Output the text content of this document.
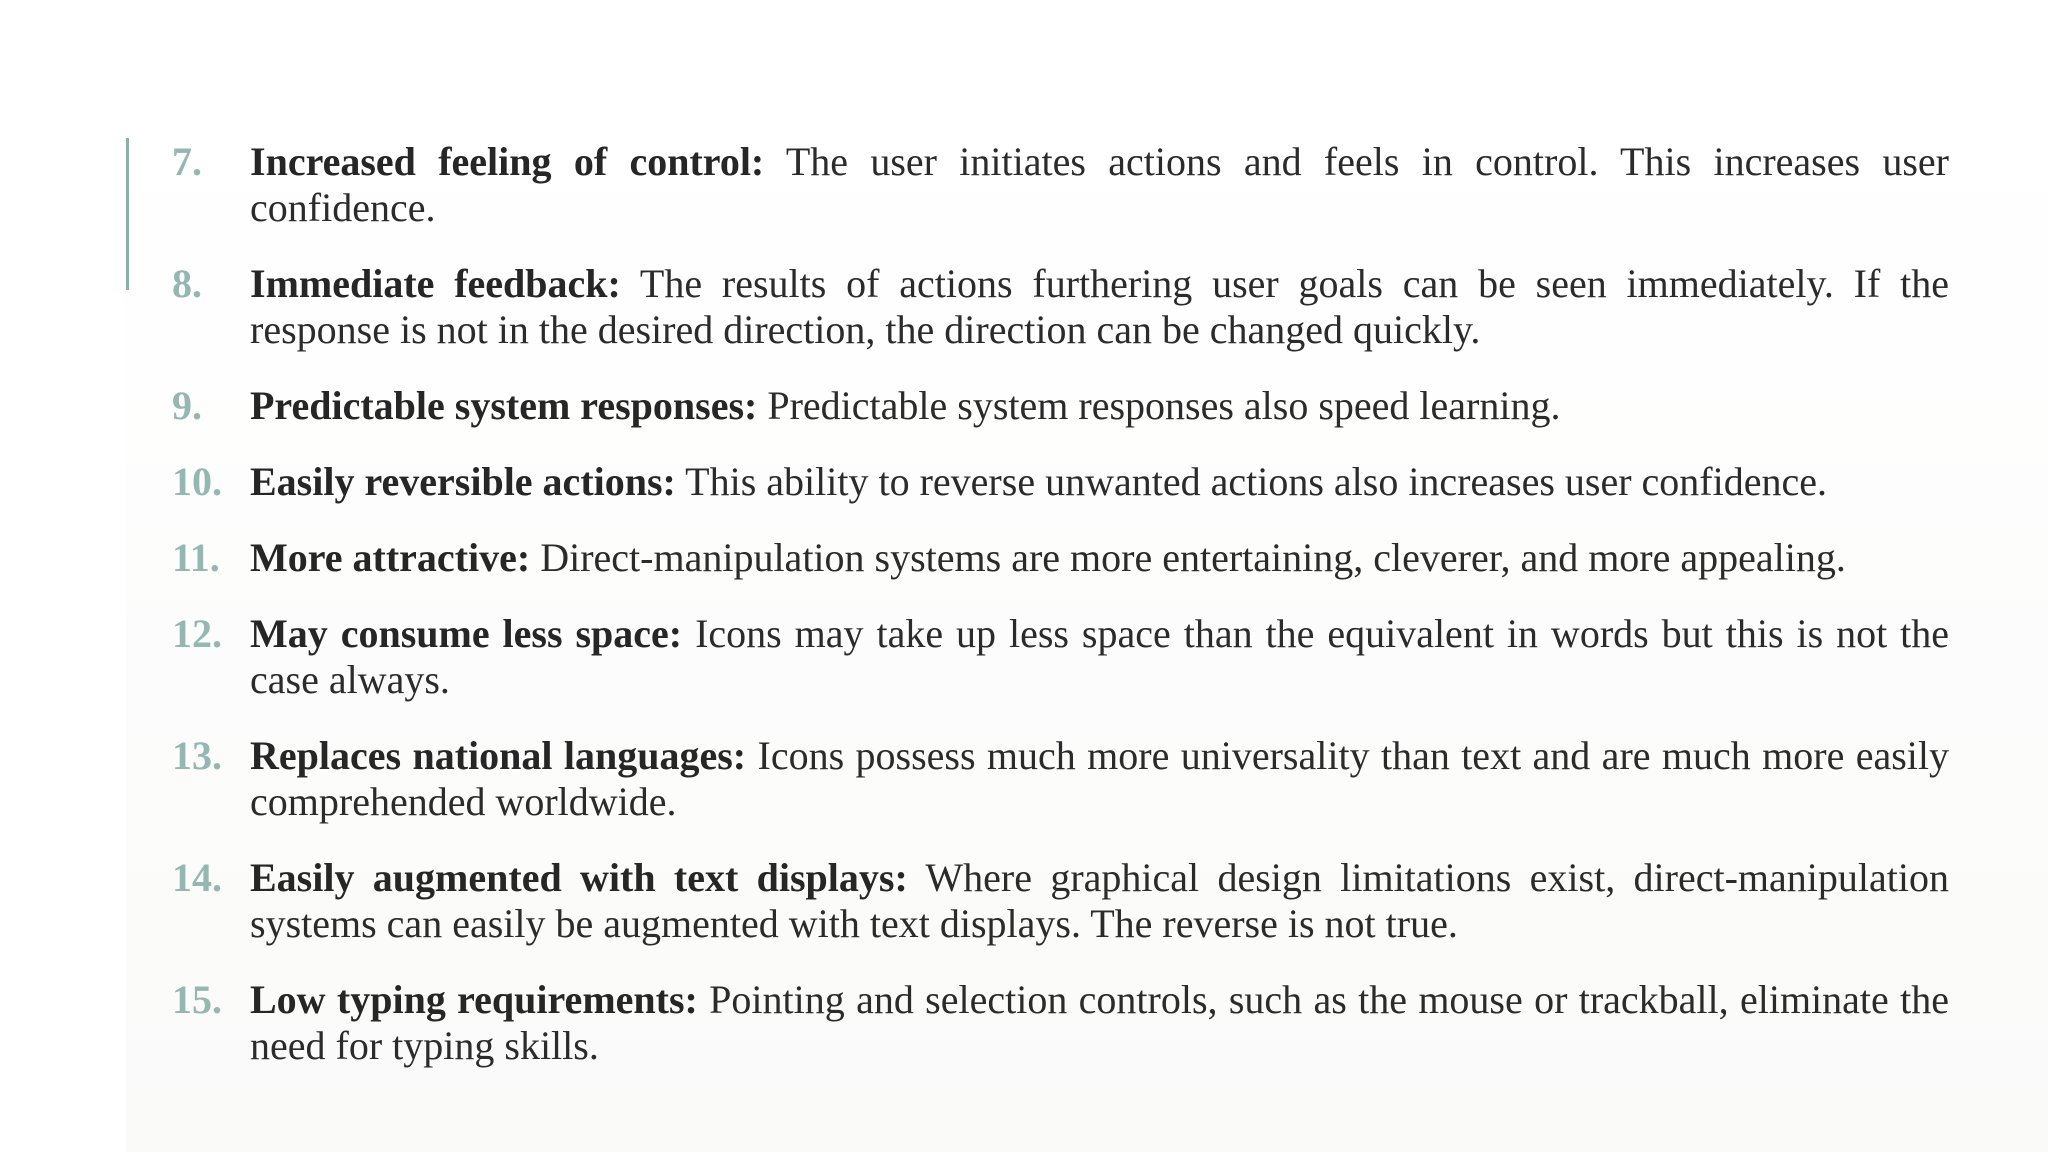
7.	Increased feeling of control: The user initiates actions and feels in control. This increases user confidence.
8.	Immediate feedback: The results of actions furthering user goals can be seen immediately. If the response is not in the desired direction, the direction can be changed quickly.
9.	Predictable system responses: Predictable system responses also speed learning.
10. Easily reversible actions: This ability to reverse unwanted actions also increases user confidence.
11. More attractive: Direct-manipulation systems are more entertaining, cleverer, and more appealing.
12. May consume less space: Icons may take up less space than the equivalent in words but this is not the case always.
13. Replaces national languages: Icons possess much more universality than text and are much more easily comprehended worldwide.
14. Easily augmented with text displays: Where graphical design limitations exist, direct-manipulation systems can easily be augmented with text displays. The reverse is not true.
15. Low typing requirements: Pointing and selection controls, such as the mouse or trackball, eliminate the need for typing skills.
